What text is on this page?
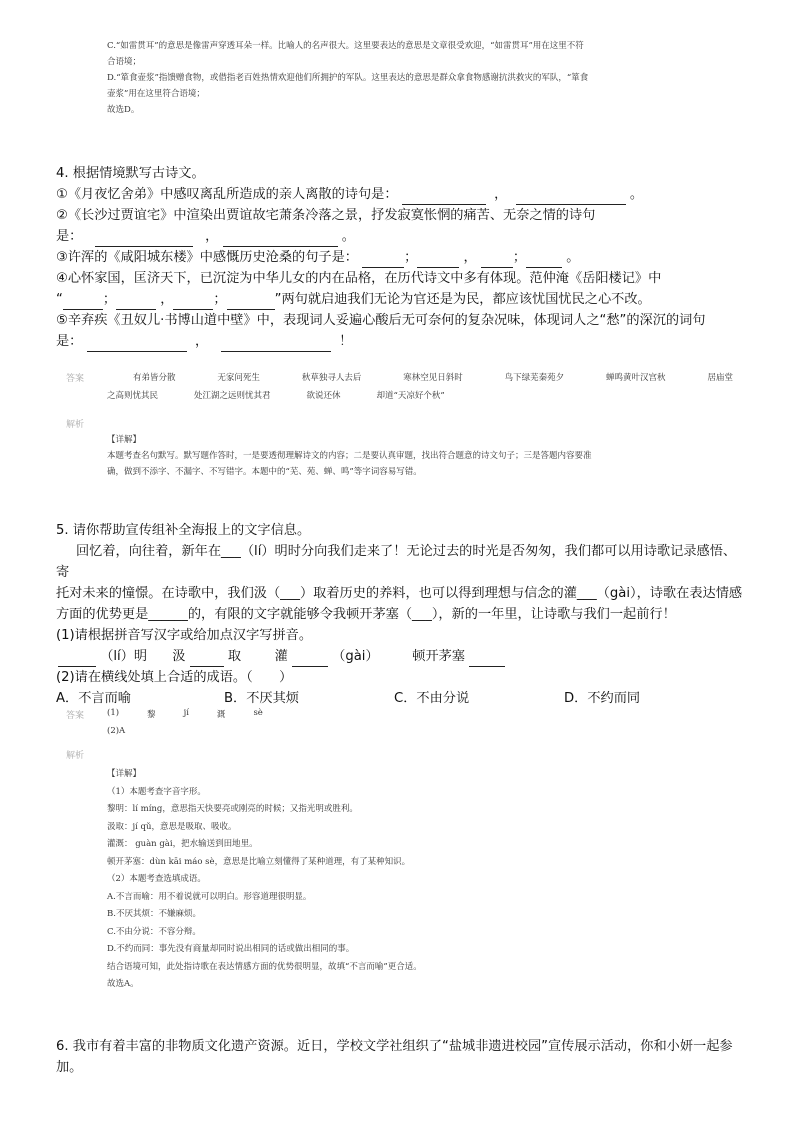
C.“如雷贯耳”的意思是像雷声穿透耳朵一样。比喻人的名声很大。这里要表达的意思是文章很受欢迎，“如雷贯耳”用在这里不符
合语境；
D.“箪食壶浆”指馈赠食物，或借指老百姓热情欢迎他们所拥护的军队。这里表达的意思是群众拿食物感谢抗洪救灾的军队，“箪食
壶浆”用在这里符合语境；
故选D。
4. 根据情境默写古诗文。
①《月夜忆舍弟》中感叹离乱所造成的亲人离散的诗句是：	，	。
②《长沙过贾谊宅》中渲染出贾谊故宅萧条冷落之景，抒发寂寞怅惘的痛苦、无奈之情的诗句
是：	，	。
③许浑的《咸阳城东楼》中感慨历史沧桑的句子是：	；	， ；	。
④心怀家国，匡济天下，已沉淀为中华儿女的内在品格，在历代诗文中多有体现。范仲淹《岳阳楼记》中
“	；	，	；	”两句就启迪我们无论为官还是为民，都应该忧国忧民之心不改。
⑤辛弃疾《丑奴儿·书博山道中壁》中，表现词人妥遍心酸后无可奈何的复杂况味，体现词人之“愁”的深沉的词句
是：	，	！
答案	有弟皆分散	无家问死生	秋草独寻人去后	寒林空见日斜时	鸟下绿芜秦苑夕	蝉鸣黄叶汉宫秋	居庙堂
之高则忧其民	处江湖之远则忧其君	欲说还休	却道“天凉好个秋”
解析
【详解】
本题考查名句默写。默写题作答时，一是要透彻理解诗文的内容；二是要认真审题，找出符合题意的诗文句子；三是答题内容要准
确，做到不添字、不漏字、不写错字。本题中的“芜、苑、蝉、鸣”等字词容易写错。
5. 请你帮助宣传组补全海报上的文字信息。
回忆着，向往着，新年在___（lí）明时分向我们走来了！无论过去的时光是否匆匆，我们都可以用诗歌记录感悟、寄
托对未来的憧憬。在诗歌中，我们汲（___）取着历史的养料，也可以得到理想与信念的灌___（gài），诗歌在表达情感
方面的优势更是______的，有限的文字就能够令我顿开茅塞（___），新的一年里，让诗歌与我们一起前行！
(1)请根据拼音写汉字或给加点汉字写拼音。
（lí）明 汲	取	灌	（gài）	顿开茅塞
(2)请在横线处填上合适的成语。（　　）
A．不言而喻	B．不厌其烦	C．不由分说	D．不约而同
答案	(1)	黎	jí	溉	sè
(2)A
解析
【详解】
（1）本题考查字音字形。
黎明：lí míng，意思指天快要亮或刚亮的时候；又指光明或胜利。
汲取：jí qǔ，意思是吸取、吸收。
灌溉： guàn gài，把水输送到田地里。
顿开茅塞：dùn kāi máo sè，意思是比喻立刻懂得了某种道理，有了某种知识。
（2）本题考查选填成语。
A.不言而喻：用不着说就可以明白。形容道理很明显。
B.不厌其烦：不嫌麻烦。
C.不由分说：不容分辩。
D.不约而同：事先没有商量却同时说出相同的话或做出相同的事。
结合语境可知，此处指诗歌在表达情感方面的优势很明显，故填“不言而喻”更合适。
故选A。
6. 我市有着丰富的非物质文化遗产资源。近日，学校文学社组织了“盐城非遗进校园”宣传展示活动，你和小妍一起参
加。
